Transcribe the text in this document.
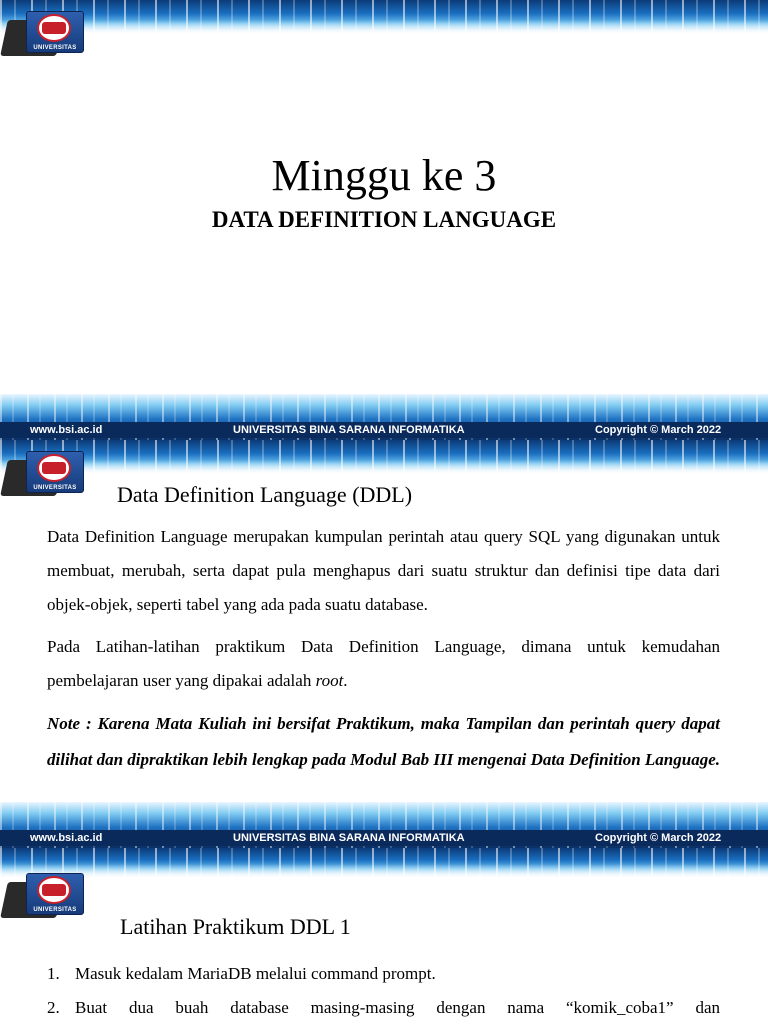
UNIVERSITAS
Minggu ke 3
DATA DEFINITION LANGUAGE
www.bsi.ac.id	UNIVERSITAS BINA SARANA INFORMATIKA	Copyright © March 2022
UNIVERSITAS Data Definition Language (DDL)
Data Definition Language merupakan kumpulan perintah atau query SQL yang digunakan untuk membuat, merubah, serta dapat pula menghapus dari suatu struktur dan definisi tipe data dari objek-objek, seperti tabel yang ada pada suatu database.
Pada Latihan-latihan praktikum Data Definition Language, dimana untuk kemudahan pembelajaran user yang dipakai adalah root.
Note : Karena Mata Kuliah ini bersifat Praktikum, maka Tampilan dan perintah query dapat dilihat dan dipraktikan lebih lengkap pada Modul Bab III mengenai Data Definition Language.
www.bsi.ac.id	UNIVERSITAS BINA SARANA INFORMATIKA	Copyright © March 2022
UNIVERSITAS
Latihan Praktikum DDL 1
1. Masuk kedalam MariaDB melalui command prompt.
2. Buat dua buah database masing-masing dengan nama “komik_coba1” dan
